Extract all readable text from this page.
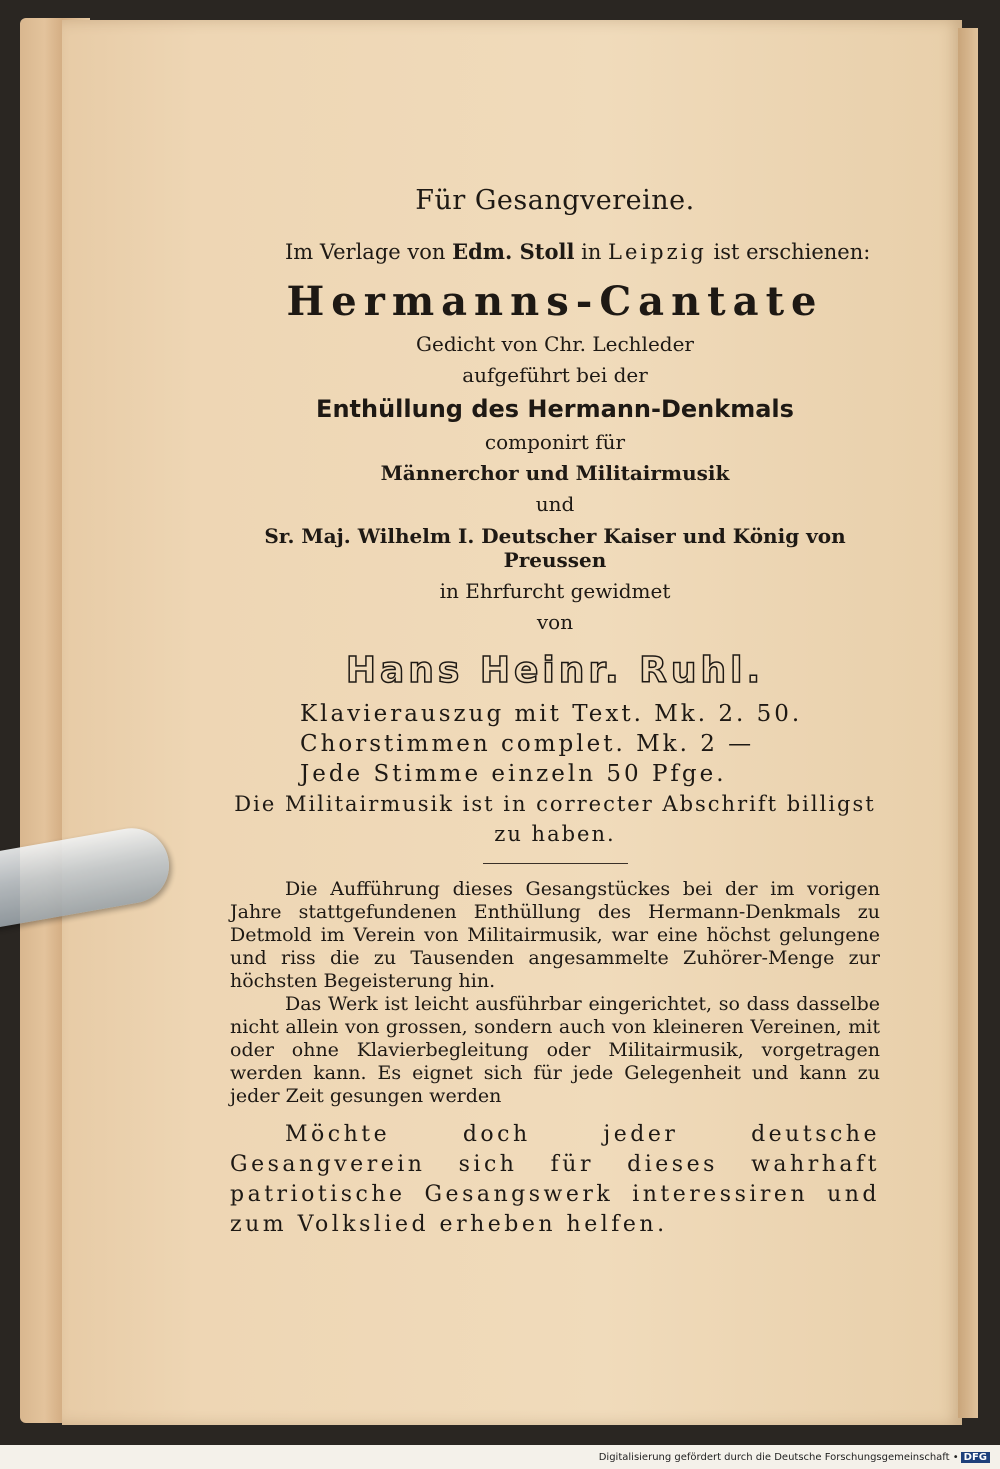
Für Gesangvereine.

Im Verlage von Edm. Stoll in Leipzig ist erschienen:

Hermanns-Cantate
Gedicht von Chr. Lechleder
aufgeführt bei der
Enthüllung des Hermann-Denkmals
componirt für
Männerchor und Militairmusik
und
Sr. Maj. Wilhelm I. Deutscher Kaiser und König von Preussen
in Ehrfurcht gewidmet
von
Hans Heinr. Ruhl.
Klavierauszug mit Text. Mk. 2. 50.
Chorstimmen complet. Mk. 2 —
Jede Stimme einzeln 50 Pfge.
Die Militairmusik ist in correcter Abschrift billigst zu haben.

Die Aufführung dieses Gesangstückes bei der im vorigen Jahre stattgefundenen Enthüllung des Hermann-Denkmals zu Detmold im Verein von Militairmusik, war eine höchst gelungene und riss die zu Tausenden angesammelte Zuhörer-Menge zur höchsten Begeisterung hin.

Das Werk ist leicht ausführbar eingerichtet, so dass dasselbe nicht allein von grossen, sondern auch von kleineren Vereinen, mit oder ohne Klavierbegleitung oder Militairmusik, vorgetragen werden kann. Es eignet sich für jede Gelegenheit und kann zu jeder Zeit gesungen werden

Möchte doch jeder deutsche Gesangverein sich für dieses wahrhaft patriotische Gesangswerk interessiren und zum Volkslied erheben helfen.

Digitalisierung gefördert durch die Deutsche Forschungsgemeinschaft • DFG
